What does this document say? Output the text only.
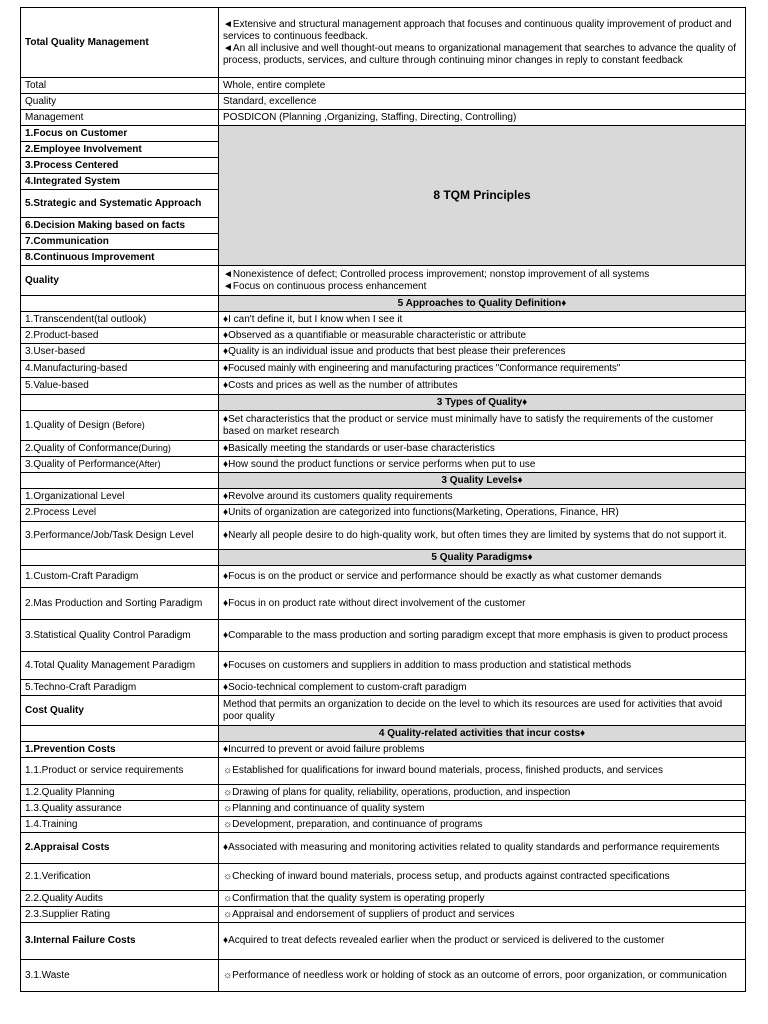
Total Quality Management	◄Extensive and structural management approach that focuses and continuous quality improvement of product and services to continuous feedback.
◄An all inclusive and well thought-out means to organizational management that searches to advance the quality of process, products, services, and culture through continuing minor changes in reply to constant feedback

Total	Whole, entire complete
Quality	Standard, excellence
Management	POSDICON (Planning ,Organizing, Staffing, Directing, Controlling)
1.Focus on Customer	8 TQM Principles
2.Employee Involvement	
3.Process Centered	
4.Integrated System	
5.Strategic and Systematic Approach	
6.Decision Making based on facts	
7.Communication	
8.Continuous Improvement	
Quality	◄Nonexistence of defect; Controlled process improvement; nonstop improvement of all systems
◄Focus on continuous process enhancement

	5 Approaches to Quality Definition♦
1.Transcendent(tal outlook)	♦I can't define it, but I know when I see it
2.Product-based	♦Observed as a quantifiable or measurable characteristic or attribute
3.User-based	♦Quality is an individual issue and products that best please their preferences
4.Manufacturing-based	♦Focused mainly with engineering and manufacturing practices "Conformance requirements"
5.Value-based	♦Costs and prices as well as the number of attributes
	3 Types of Quality♦
1.Quality of Design (Before)	♦Set characteristics that the product or service must minimally have to satisfy the requirements of the customer based on market research
2.Quality of Conformance(During)	♦Basically meeting the standards or user-base characteristics
3.Quality of Performance(After)	♦How sound the product functions or service performs when put to use
	3 Quality Levels♦
1.Organizational Level	♦Revolve around its customers quality requirements
2.Process Level	♦Units of organization are categorized into functions(Marketing, Operations, Finance, HR)
3.Performance/Job/Task Design Level	♦Nearly all people desire to do high-quality work, but often times they are limited by systems that do not support it.
	5 Quality Paradigms♦
1.Custom-Craft Paradigm	♦Focus is on the product or service and performance should be exactly as what customer demands
2.Mas Production and Sorting Paradigm	♦Focus in on product rate without direct involvement of the customer
3.Statistical Quality Control Paradigm	♦Comparable to the mass production and sorting paradigm except that more emphasis is given to product process
4.Total Quality Management Paradigm	♦Focuses on customers and suppliers in addition to mass production and statistical methods
5.Techno-Craft Paradigm	♦Socio-technical complement to custom-craft paradigm
Cost Quality	Method that permits an organization to decide on the level to which its resources are used for activities that avoid poor quality
	4 Quality-related activities that incur costs♦
1.Prevention Costs	♦Incurred to prevent or avoid failure problems
1.1.Product or service requirements	☼Established for qualifications for inward bound materials, process, finished products, and services
1.2.Quality Planning	☼Drawing of plans for quality, reliability, operations, production, and inspection
1.3.Quality assurance	☼Planning and continuance of quality system
1.4.Training	☼Development, preparation, and continuance of programs
2.Appraisal Costs	♦Associated with measuring and monitoring activities related to quality standards and performance requirements
2.1.Verification	☼Checking of inward bound materials, process setup, and products against contracted specifications
2.2.Quality Audits	☼Confirmation that the quality system is operating properly
2.3.Supplier Rating	☼Appraisal and endorsement of suppliers of product and services
3.Internal Failure Costs	♦Acquired to treat defects revealed earlier when the product or serviced is delivered to the customer
3.1.Waste	☼Performance of needless work or holding of stock as an outcome of errors, poor organization, or communication
